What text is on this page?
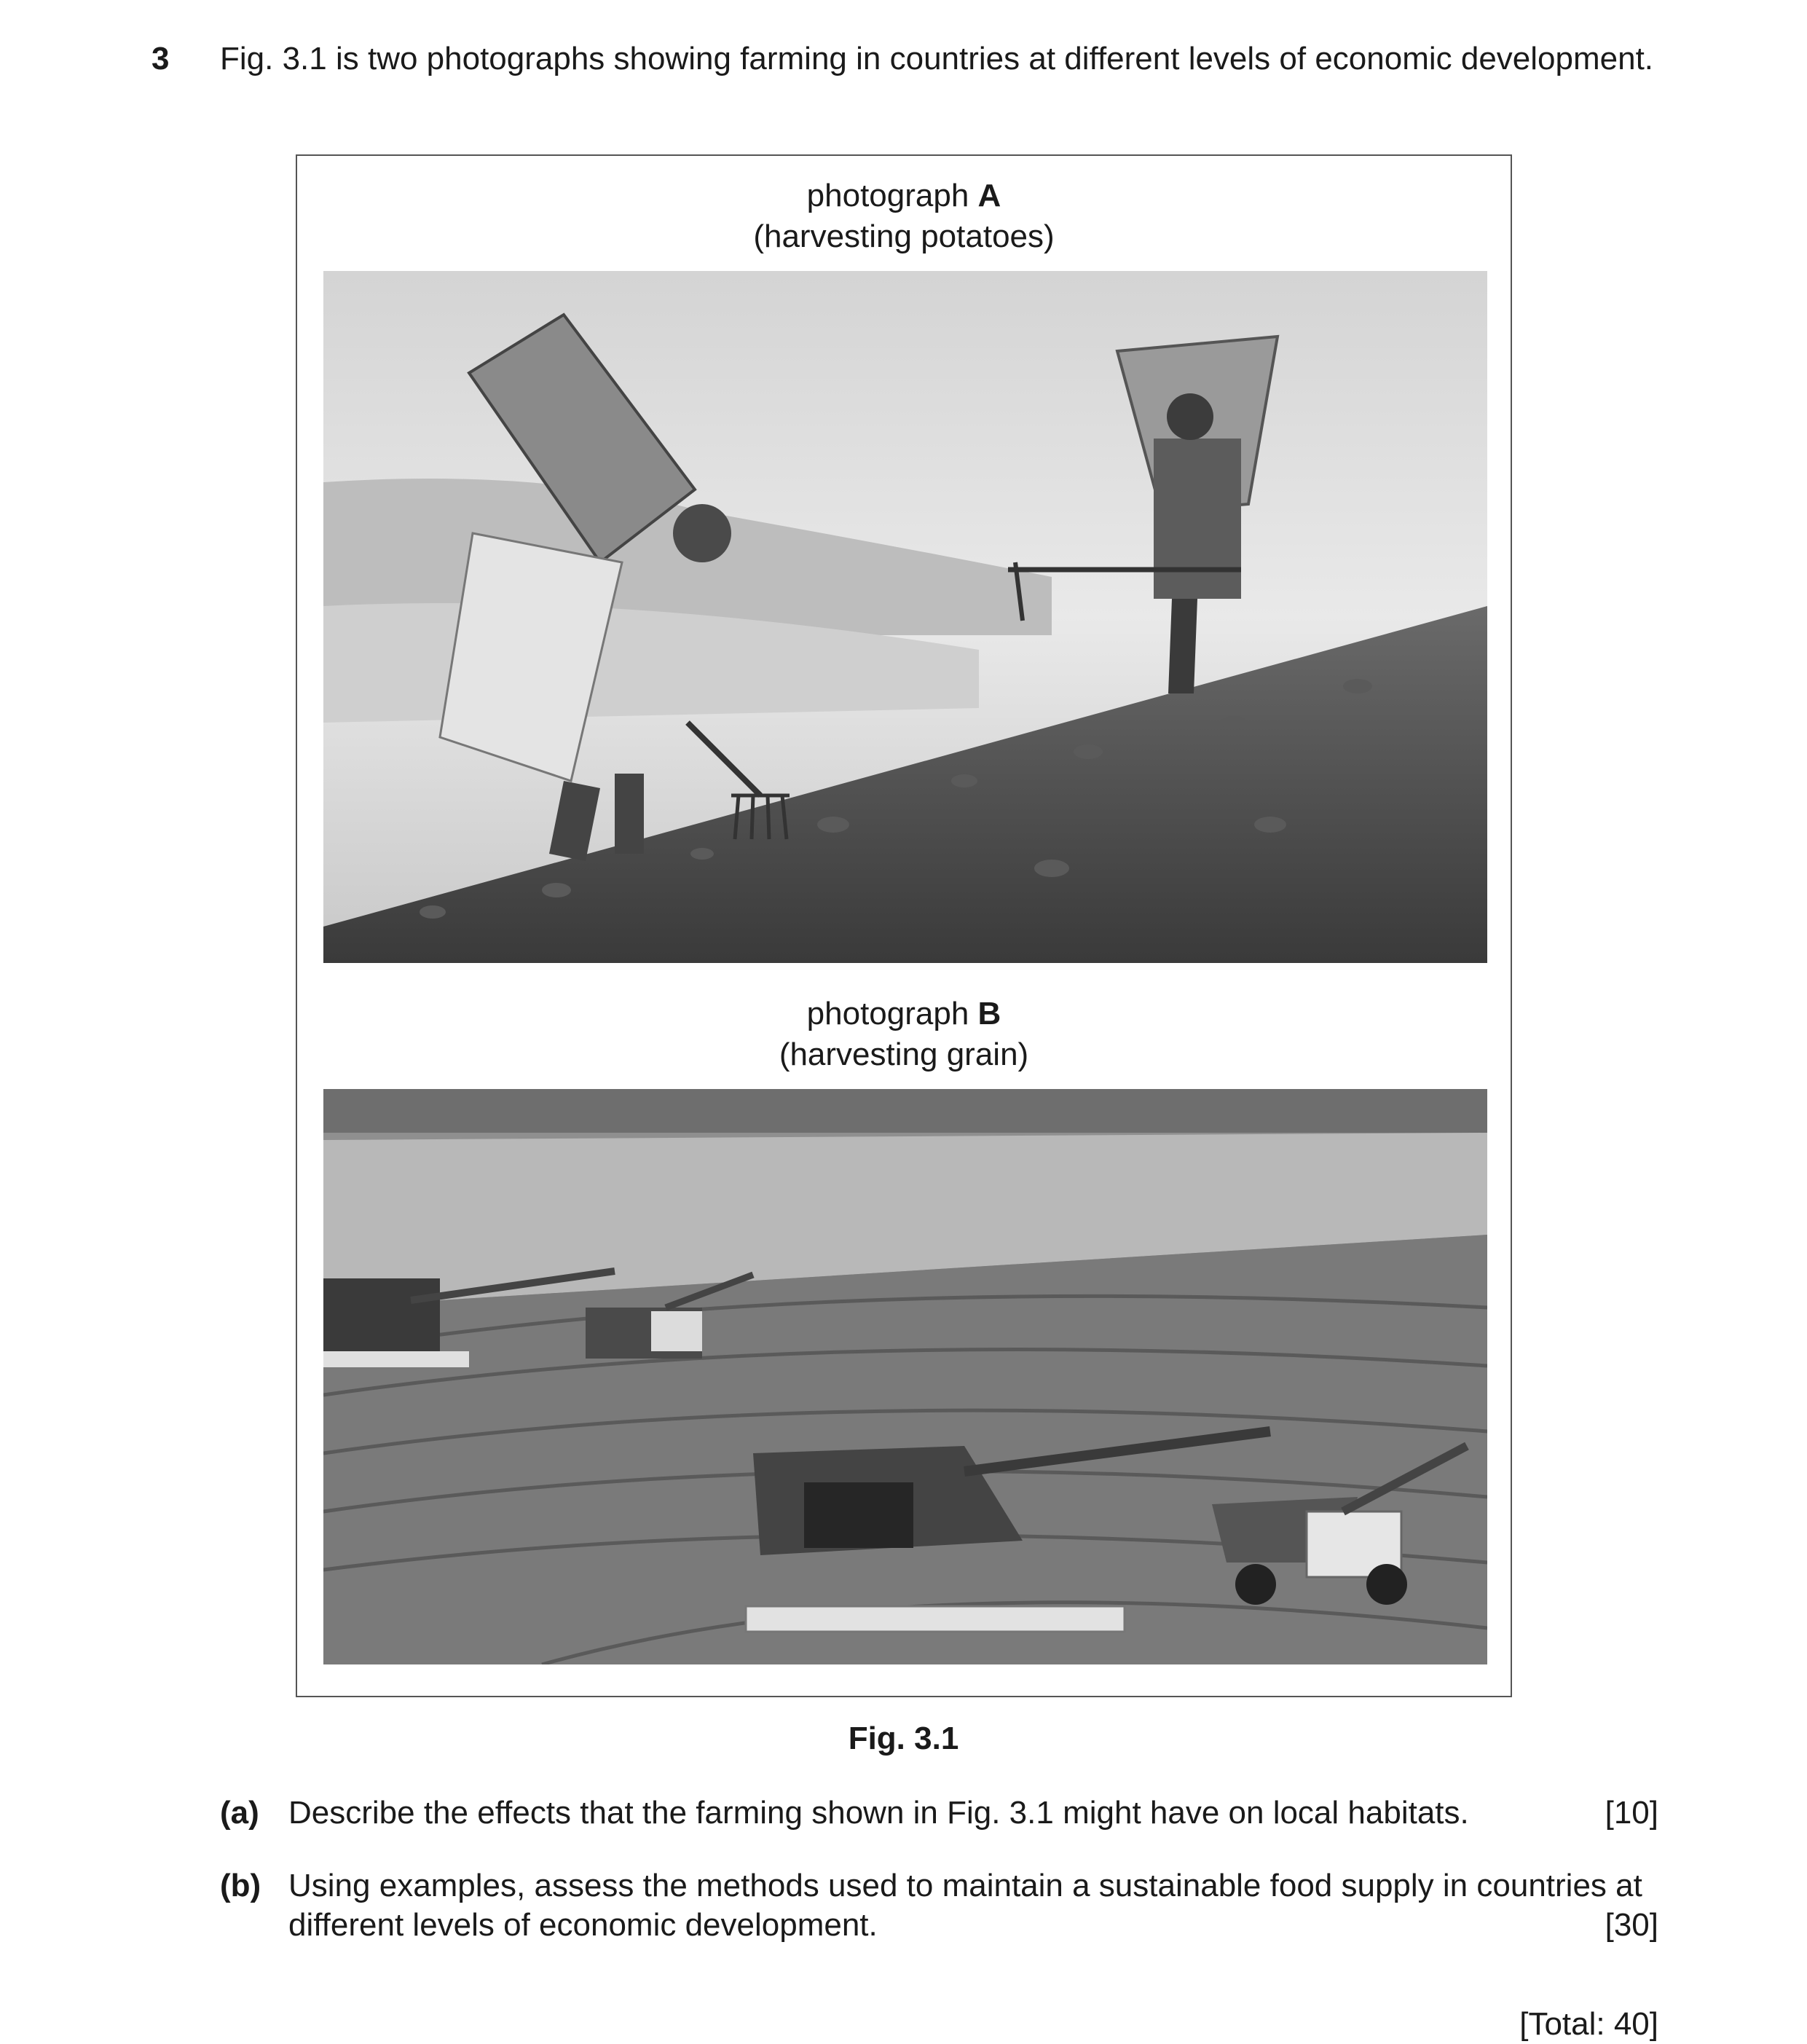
3 Fig. 3.1 is two photographs showing farming in countries at different levels of economic development.
photograph A
(harvesting potatoes)
photograph B
(harvesting grain)
Fig. 3.1
(a) Describe the effects that the farming shown in Fig. 3.1 might have on local habitats.	[10]
(b) Using examples, assess the methods used to maintain a sustainable food supply in countries at different levels of economic development.	[30]
[Total: 40]
